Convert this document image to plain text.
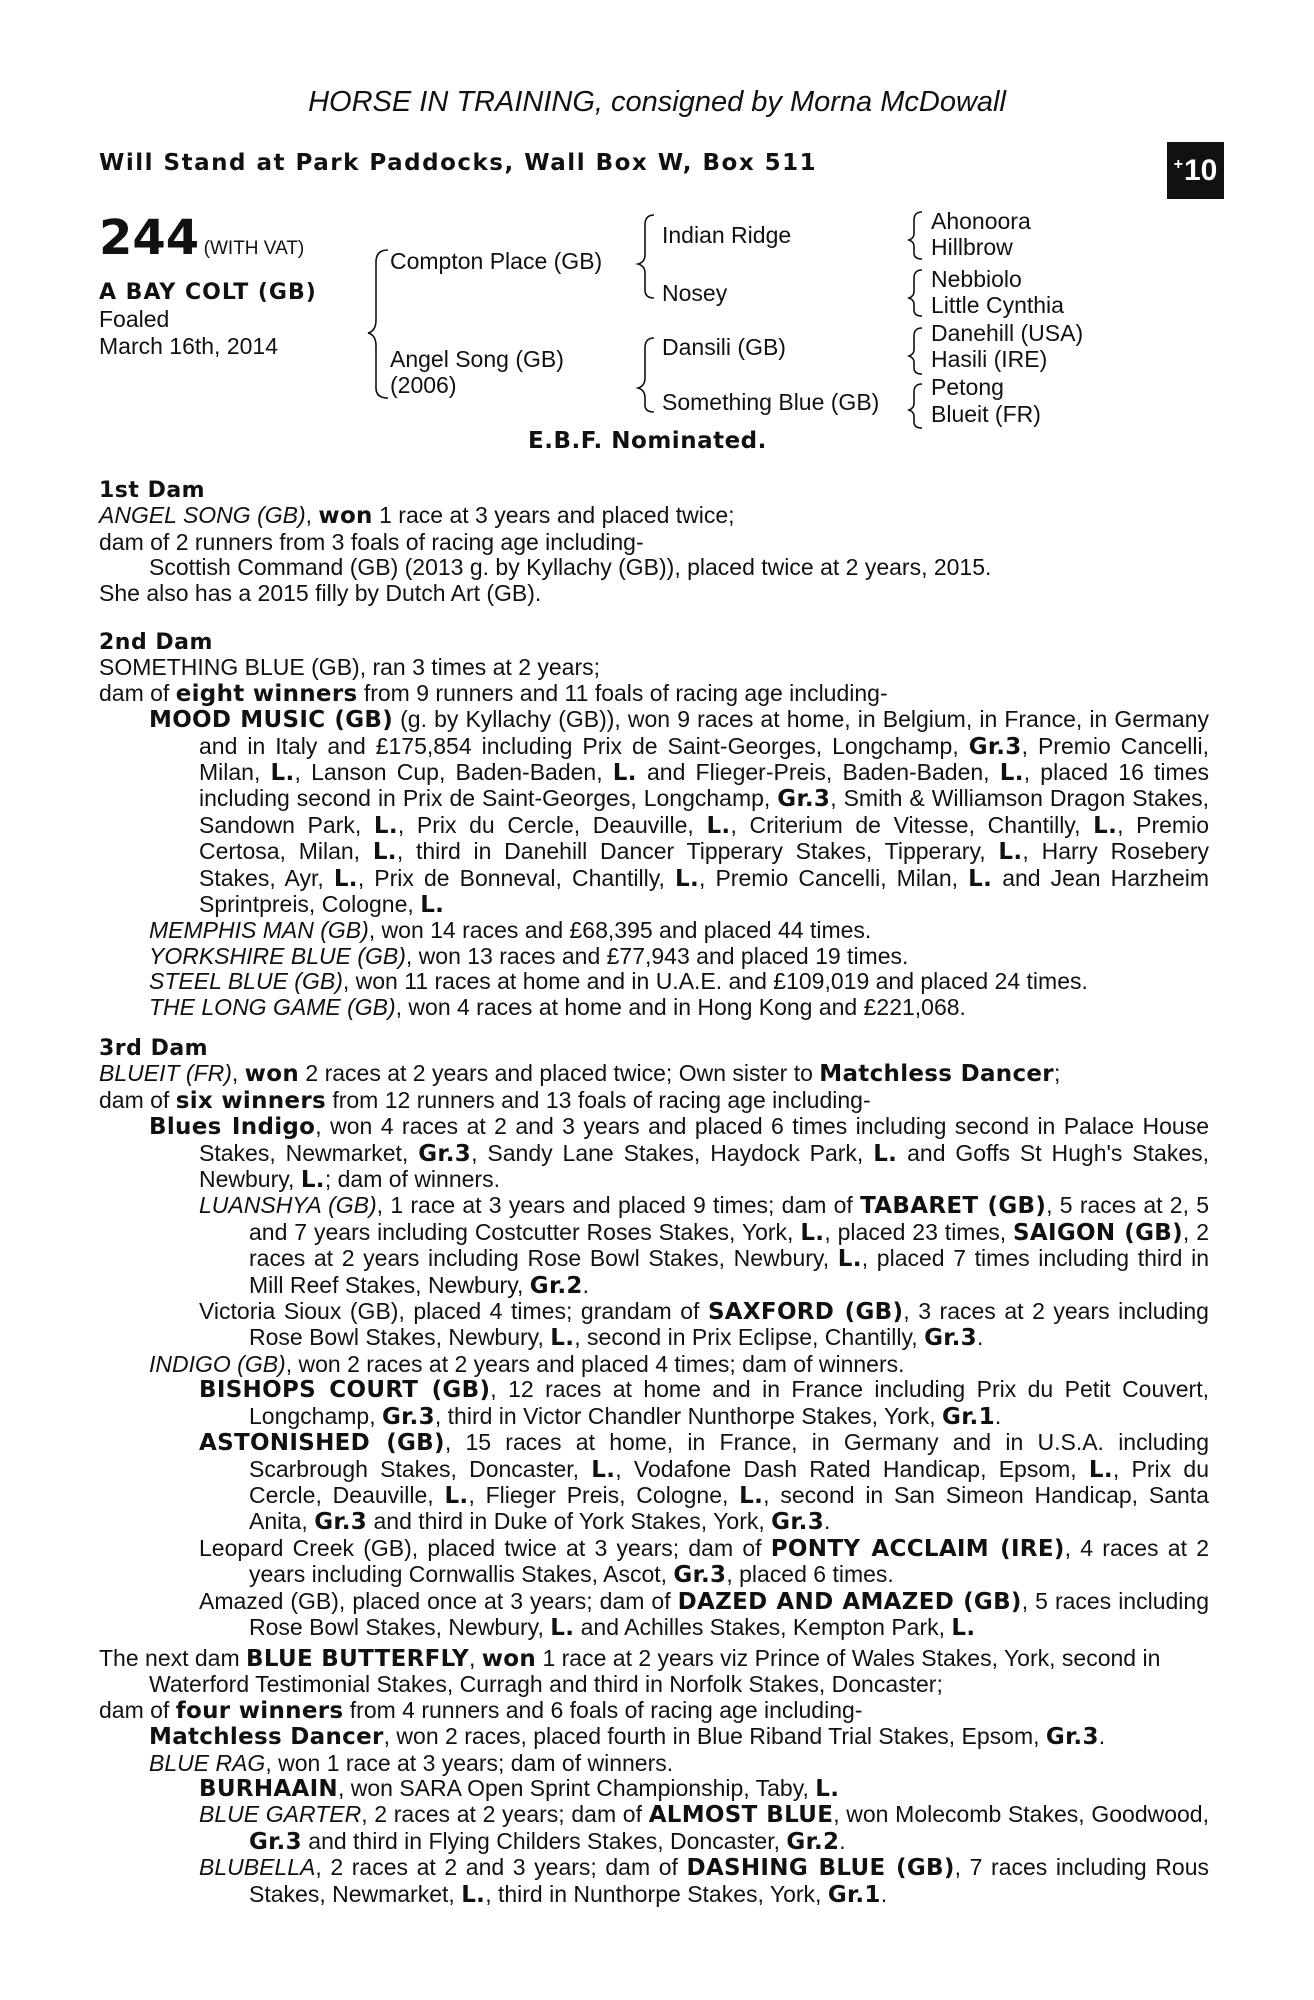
HORSE IN TRAINING, consigned by Morna McDowall
Will Stand at Park Paddocks, Wall Box W, Box 511	+ 10
244 (WITH VAT)
A BAY COLT (GB)
Foaled
March 16th, 2014
Compton Place (GB)
Angel Song (GB)
(2006)
Indian Ridge
Nosey
Dansili (GB)
Something Blue (GB)
Ahonoora
Hillbrow
Nebbiolo
Little Cynthia
Danehill (USA)
Hasili (IRE)
Petong
Blueit (FR)
E.B.F. Nominated.
1st Dam

ANGEL SONG (GB), won 1 race at 3 years and placed twice;

dam of 2 runners from 3 foals of racing age including-

Scottish Command (GB) (2013 g. by Kyllachy (GB)), placed twice at 2 years, 2015.

She also has a 2015 filly by Dutch Art (GB).

2nd Dam

SOMETHING BLUE (GB), ran 3 times at 2 years;

dam of eight winners from 9 runners and 11 foals of racing age including-

MOOD MUSIC (GB) (g. by Kyllachy (GB)), won 9 races at home, in Belgium, in France, in Germany and in Italy and £175,854 including Prix de Saint-Georges, Longchamp, Gr.3, Premio Cancelli, Milan, L., Lanson Cup, Baden-Baden, L. and Flieger-Preis, Baden-Baden, L., placed 16 times including second in Prix de Saint-Georges, Longchamp, Gr.3, Smith & Williamson Dragon Stakes, Sandown Park, L., Prix du Cercle, Deauville, L., Criterium de Vitesse, Chantilly, L., Premio Certosa, Milan, L., third in Danehill Dancer Tipperary Stakes, Tipperary, L., Harry Rosebery Stakes, Ayr, L., Prix de Bonneval, Chantilly, L., Premio Cancelli, Milan, L. and Jean Harzheim Sprintpreis, Cologne, L.

MEMPHIS MAN (GB), won 14 races and £68,395 and placed 44 times.

YORKSHIRE BLUE (GB), won 13 races and £77,943 and placed 19 times.

STEEL BLUE (GB), won 11 races at home and in U.A.E. and £109,019 and placed 24 times.

THE LONG GAME (GB), won 4 races at home and in Hong Kong and £221,068.

3rd Dam

BLUEIT (FR), won 2 races at 2 years and placed twice; Own sister to Matchless Dancer;

dam of six winners from 12 runners and 13 foals of racing age including-

Blues Indigo, won 4 races at 2 and 3 years and placed 6 times including second in Palace House Stakes, Newmarket, Gr.3, Sandy Lane Stakes, Haydock Park, L. and Goffs St Hugh's Stakes, Newbury, L.; dam of winners.

LUANSHYA (GB), 1 race at 3 years and placed 9 times; dam of TABARET (GB), 5 races at 2, 5 and 7 years including Costcutter Roses Stakes, York, L., placed 23 times, SAIGON (GB), 2 races at 2 years including Rose Bowl Stakes, Newbury, L., placed 7 times including third in Mill Reef Stakes, Newbury, Gr.2.

Victoria Sioux (GB), placed 4 times; grandam of SAXFORD (GB), 3 races at 2 years including Rose Bowl Stakes, Newbury, L., second in Prix Eclipse, Chantilly, Gr.3.

INDIGO (GB), won 2 races at 2 years and placed 4 times; dam of winners.

BISHOPS COURT (GB), 12 races at home and in France including Prix du Petit Couvert, Longchamp, Gr.3, third in Victor Chandler Nunthorpe Stakes, York, Gr.1.

ASTONISHED (GB), 15 races at home, in France, in Germany and in U.S.A. including Scarbrough Stakes, Doncaster, L., Vodafone Dash Rated Handicap, Epsom, L., Prix du Cercle, Deauville, L., Flieger Preis, Cologne, L., second in San Simeon Handicap, Santa Anita, Gr.3 and third in Duke of York Stakes, York, Gr.3.

Leopard Creek (GB), placed twice at 3 years; dam of PONTY ACCLAIM (IRE), 4 races at 2 years including Cornwallis Stakes, Ascot, Gr.3, placed 6 times.

Amazed (GB), placed once at 3 years; dam of DAZED AND AMAZED (GB), 5 races including Rose Bowl Stakes, Newbury, L. and Achilles Stakes, Kempton Park, L.

The next dam BLUE BUTTERFLY, won 1 race at 2 years viz Prince of Wales Stakes, York, second in Waterford Testimonial Stakes, Curragh and third in Norfolk Stakes, Doncaster;

dam of four winners from 4 runners and 6 foals of racing age including-

Matchless Dancer, won 2 races, placed fourth in Blue Riband Trial Stakes, Epsom, Gr.3.

BLUE RAG, won 1 race at 3 years; dam of winners.

BURHAAIN, won SARA Open Sprint Championship, Taby, L.

BLUE GARTER, 2 races at 2 years; dam of ALMOST BLUE, won Molecomb Stakes, Goodwood, Gr.3 and third in Flying Childers Stakes, Doncaster, Gr.2.

BLUBELLA, 2 races at 2 and 3 years; dam of DASHING BLUE (GB), 7 races including Rous Stakes, Newmarket, L., third in Nunthorpe Stakes, York, Gr.1.
